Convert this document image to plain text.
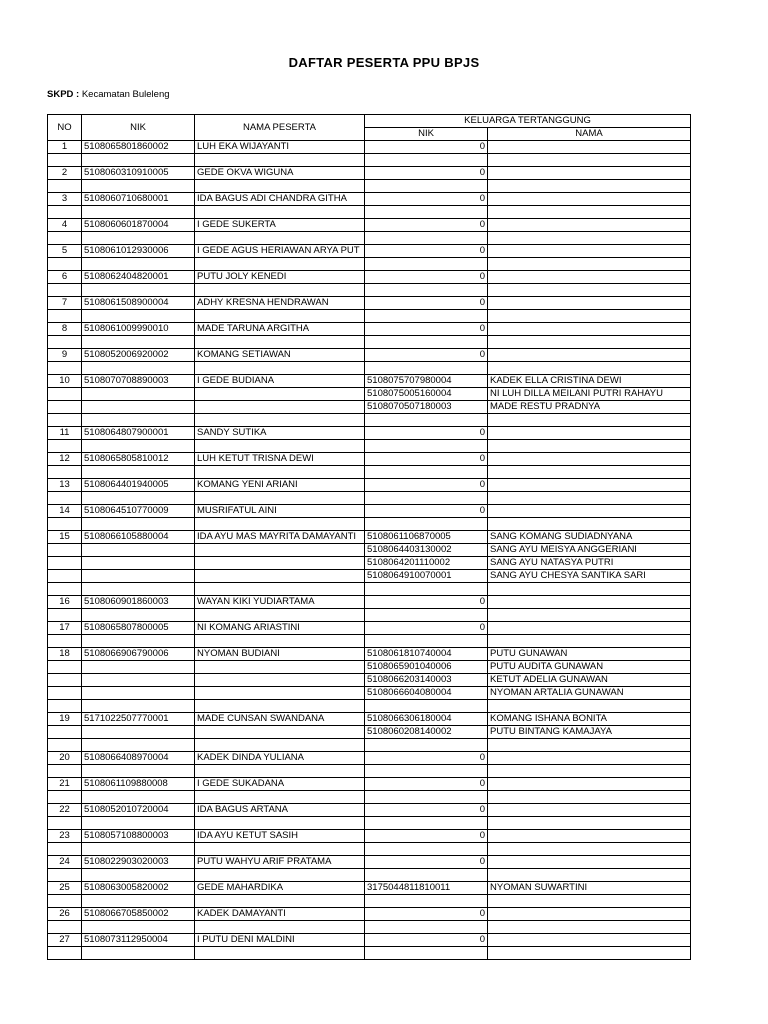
DAFTAR PESERTA PPU BPJS
SKPD : Kecamatan Buleleng
NO	NIK	NAMA PESERTA	KELUARGA TERTANGGUNG	
			NIK	NAMA
1	5108065801860002	LUH EKA WIJAYANTI	0	

2	5108060310910005	GEDE OKVA WIGUNA	0	

3	5108060710680001	IDA BAGUS ADI CHANDRA GITHA	0	

4	5108060601870004	I GEDE SUKERTA	0	

5	5108061012930006	I GEDE AGUS HERIAWAN ARYA PUT	0	

6	5108062404820001	PUTU JOLY KENEDI	0	

7	5108061508900004	ADHY KRESNA HENDRAWAN	0	

8	5108061009990010	MADE TARUNA ARGITHA	0	

9	5108052006920002	KOMANG SETIAWAN	0	

10	5108070708890003	I GEDE BUDIANA	5108075707980004	KADEK ELLA CRISTINA DEWI
			5108075005160004	NI LUH DILLA MEILANI PUTRI RAHAYU
			5108070507180003	MADE RESTU PRADNYA

11	5108064807900001	SANDY SUTIKA	0	

12	5108065805810012	LUH KETUT TRISNA DEWI	0	

13	5108064401940005	KOMANG YENI ARIANI	0	

14	5108064510770009	MUSRIFATUL AINI	0	

15	5108066105880004	IDA AYU MAS MAYRITA DAMAYANTI	5108061106870005	SANG KOMANG SUDIADNYANA
			5108064403130002	SANG AYU MEISYA ANGGERIANI
			5108064201110002	SANG AYU NATASYA PUTRI
			5108064910070001	SANG AYU CHESYA SANTIKA SARI

16	5108060901860003	WAYAN KIKI YUDIARTAMA	0	

17	5108065807800005	NI KOMANG ARIASTINI	0	

18	5108066906790006	NYOMAN BUDIANI	5108061810740004	PUTU GUNAWAN
			5108065901040006	PUTU AUDITA GUNAWAN
			5108066203140003	KETUT ADELIA GUNAWAN
			5108066604080004	NYOMAN ARTALIA GUNAWAN

19	5171022507770001	MADE CUNSAN SWANDANA	5108066306180004	KOMANG ISHANA BONITA
			5108060208140002	PUTU BINTANG KAMAJAYA

20	5108066408970004	KADEK DINDA YULIANA	0	

21	5108061109880008	I GEDE SUKADANA	0	

22	5108052010720004	IDA BAGUS ARTANA	0	

23	5108057108800003	IDA AYU KETUT SASIH	0	

24	5108022903020003	PUTU WAHYU ARIF PRATAMA	0	

25	5108063005820002	GEDE MAHARDIKA	3175044811810011	NYOMAN SUWARTINI

26	5108066705850002	KADEK DAMAYANTI	0	

27	5108073112950004	I PUTU DENI MALDINI	0	
